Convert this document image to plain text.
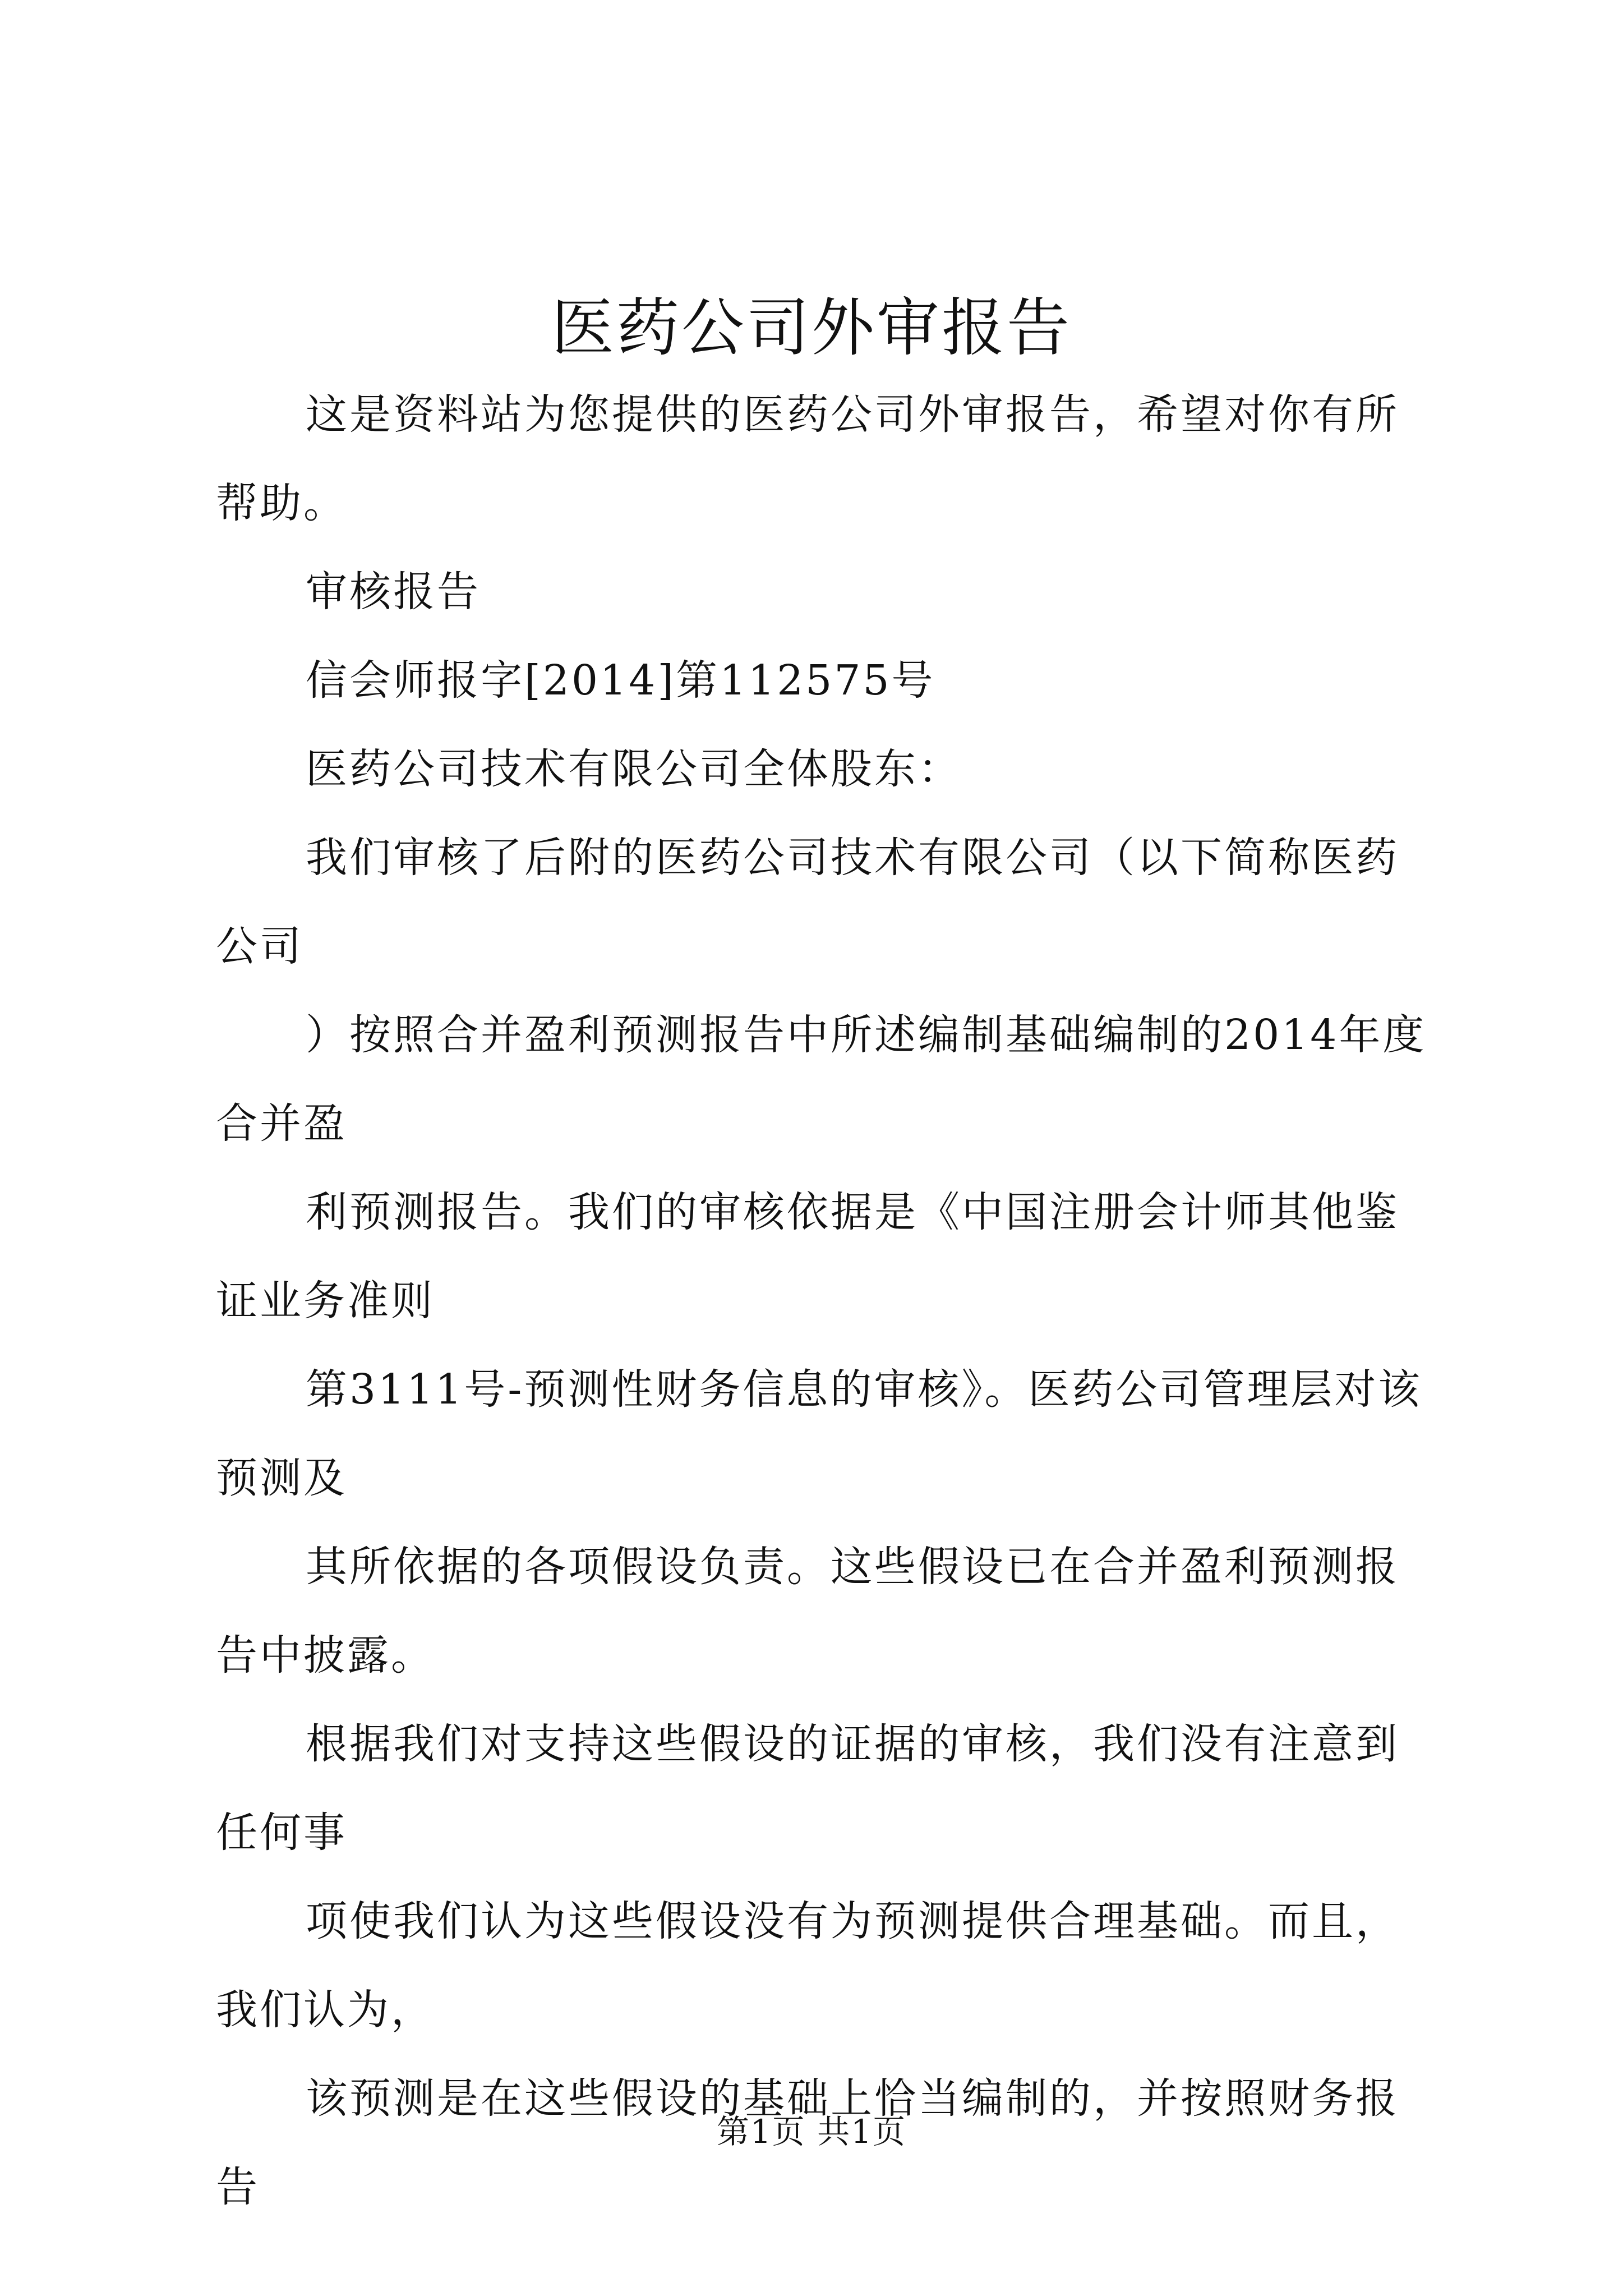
医药公司外审报告

这是资料站为您提供的医药公司外审报告，希望对你有所帮助。

审核报告

信会师报字[2014]第112575号

医药公司技术有限公司全体股东：

我们审核了后附的医药公司技术有限公司（以下简称医药公司

）按照合并盈利预测报告中所述编制基础编制的2014年度合并盈

利预测报告。我们的审核依据是《中国注册会计师其他鉴证业务准则

第3111号-预测性财务信息的审核》。医药公司管理层对该预测及

其所依据的各项假设负责。这些假设已在合并盈利预测报告中披露。

根据我们对支持这些假设的证据的审核，我们没有注意到任何事

项使我们认为这些假设没有为预测提供合理基础。而且，我们认为，

该预测是在这些假设的基础上恰当编制的，并按照财务报告

第1页 共1页
